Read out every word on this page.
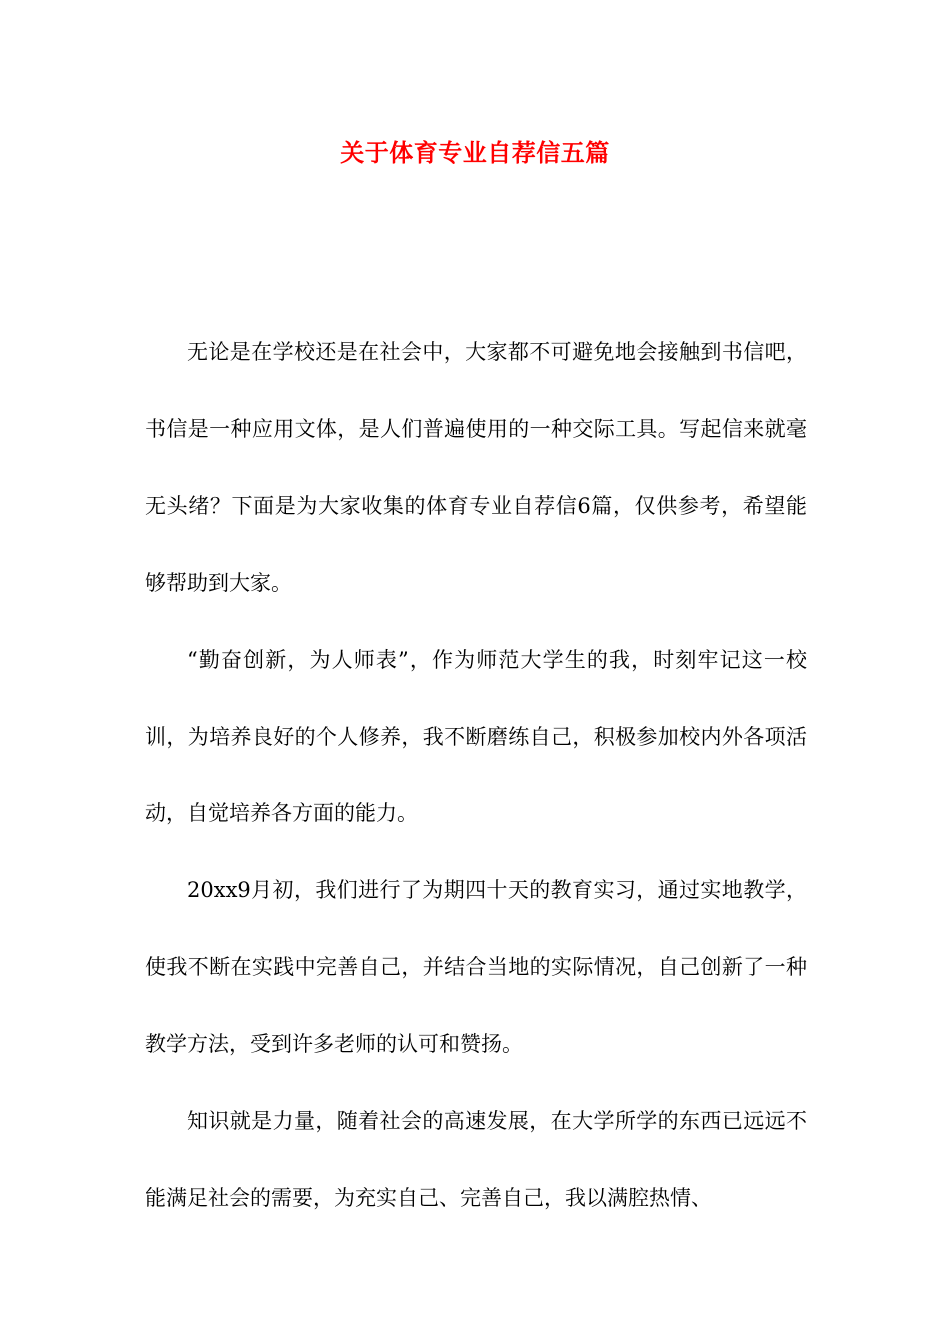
关于体育专业自荐信五篇

无论是在学校还是在社会中，大家都不可避免地会接触到书信吧，书信是一种应用文体，是人们普遍使用的一种交际工具。写起信来就毫无头绪？下面是为大家收集的体育专业自荐信6篇，仅供参考，希望能够帮助到大家。

“勤奋创新，为人师表”，作为师范大学生的我，时刻牢记这一校训，为培养良好的个人修养，我不断磨练自己，积极参加校内外各项活动，自觉培养各方面的能力。

20xx9月初，我们进行了为期四十天的教育实习，通过实地教学，使我不断在实践中完善自己，并结合当地的实际情况，自己创新了一种教学方法，受到许多老师的认可和赞扬。

知识就是力量，随着社会的高速发展，在大学所学的东西已远远不能满足社会的需要，为充实自己、完善自己，我以满腔热情、
